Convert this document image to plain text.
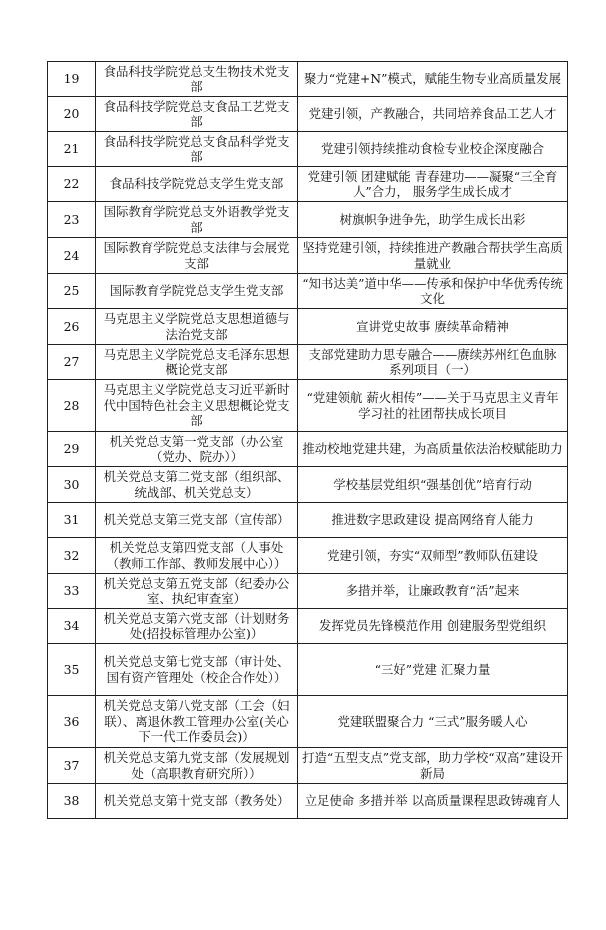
19	食品科技学院党总支生物技术党支部	聚力“党建+N”模式，赋能生物专业高质量发展
20	食品科技学院党总支食品工艺党支部	党建引领，产教融合，共同培养食品工艺人才
21	食品科技学院党总支食品科学党支部	党建引领持续推动食检专业校企深度融合
22	食品科技学院党总支学生党支部	党建引领 团建赋能 青春建功——凝聚“三全育人”合力， 服务学生成长成才
23	国际教育学院党总支外语教学党支部	树旗帜争进争先，助学生成长出彩
24	国际教育学院党总支法律与会展党支部	坚持党建引领，持续推进产教融合帮扶学生高质量就业
25	国际教育学院党总支学生党支部	“知书达美”道中华——传承和保护中华优秀传统文化
26	马克思主义学院党总支思想道德与法治党支部	宣讲党史故事 赓续革命精神
27	马克思主义学院党总支毛泽东思想概论党支部	支部党建助力思专融合——赓续苏州红色血脉 系列项目（一）
28	马克思主义学院党总支习近平新时代中国特色社会主义思想概论党支部	“党建领航 薪火相传”——关于马克思主义青年学习社的社团帮扶成长项目
29	机关党总支第一党支部（办公室（党办、院办））	推动校地党建共建，为高质量依法治校赋能助力
30	机关党总支第二党支部（组织部、统战部、机关党总支）	学校基层党组织“强基创优”培育行动
31	机关党总支第三党支部（宣传部）	推进数字思政建设 提高网络育人能力
32	机关党总支第四党支部（人事处（教师工作部、教师发展中心））	党建引领，夯实“双师型”教师队伍建设
33	机关党总支第五党支部（纪委办公室、执纪审查室）	多措并举，让廉政教育“活”起来
34	机关党总支第六党支部（计划财务处(招投标管理办公室)）	发挥党员先锋模范作用 创建服务型党组织
35	机关党总支第七党支部（审计处、国有资产管理处（校企合作处））	“三好”党建 汇聚力量
36	机关党总支第八党支部（工会（妇联）、离退休教工管理办公室(关心下一代工作委员会)）	党建联盟聚合力 “三式”服务暖人心
37	机关党总支第九党支部（发展规划处（高职教育研究所））	打造“五型支点”党支部，助力学校“双高”建设开新局
38	机关党总支第十党支部（教务处）	立足使命 多措并举 以高质量课程思政铸魂育人
